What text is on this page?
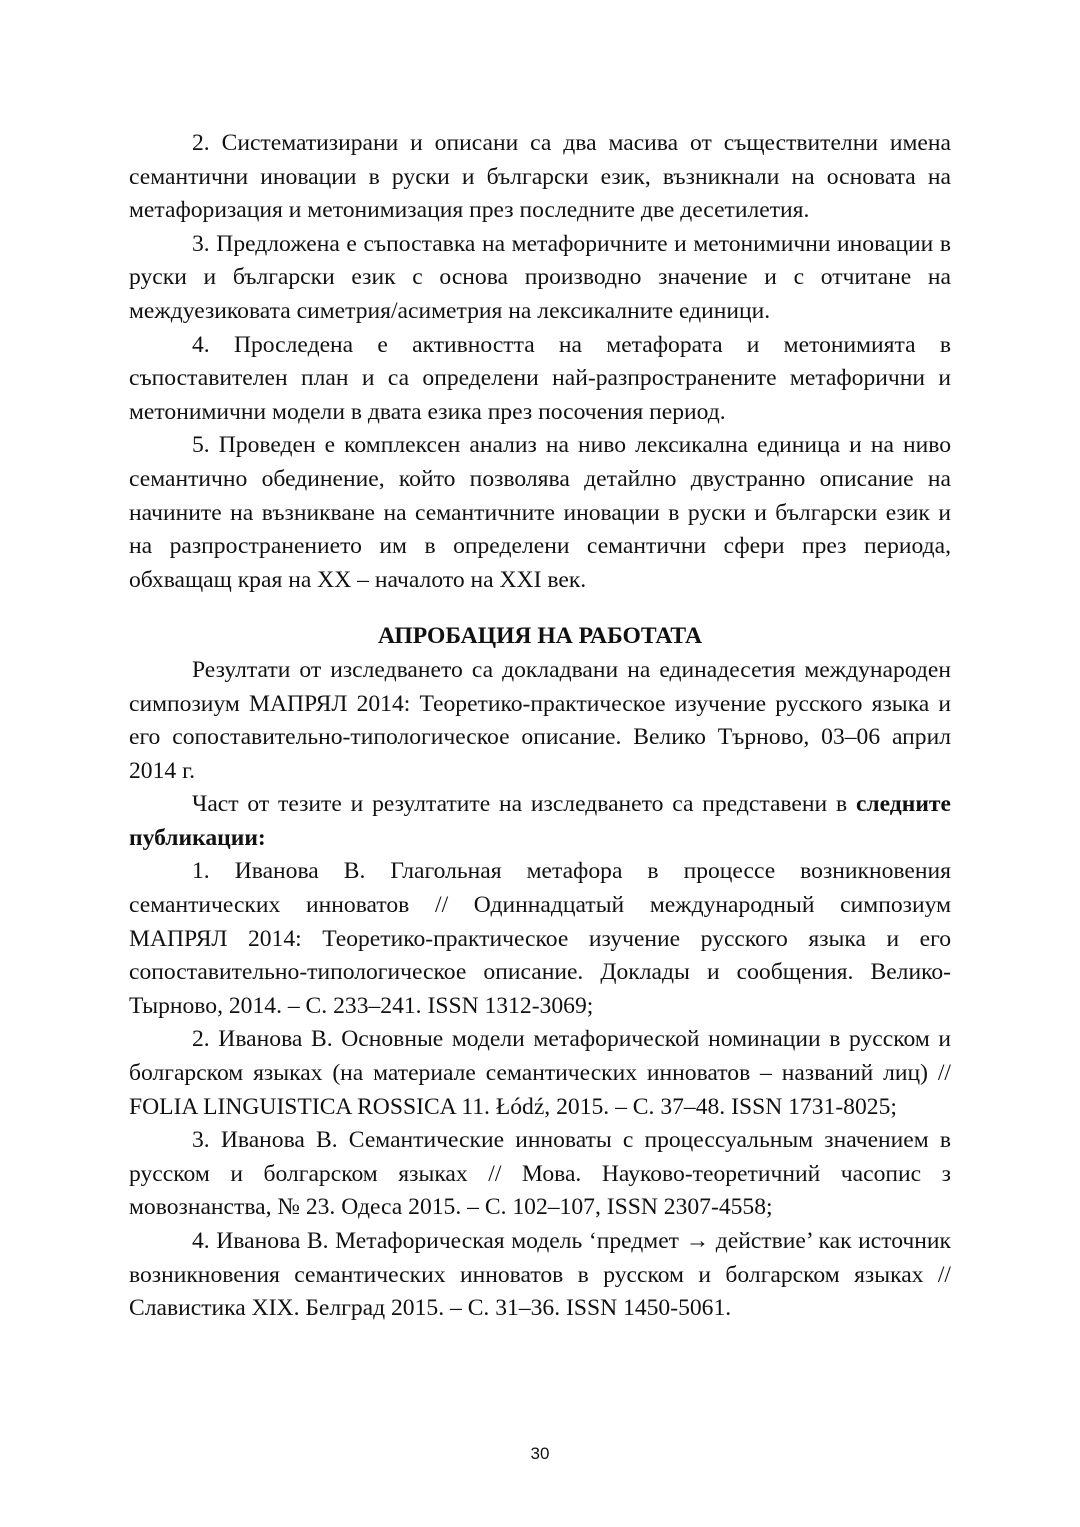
2. Систематизирани и описани са два масива от съществителни имена семантични иновации в руски и български език, възникнали на основата на метафоризация и метонимизация през последните две десетилетия.

3. Предложена е съпоставка на метафоричните и метонимични иновации в руски и български език с основа производно значение и с отчитане на междуезиковата симетрия/асиметрия на лексикалните единици.

4. Проследена е активността на метафората и метонимията в съпоставителен план и са определени най-разпространените метафорични и метонимични модели в двата езика през посочения период.

5. Проведен е комплексен анализ на ниво лексикална единица и на ниво семантично обединение, който позволява детайлно двустранно описание на начините на възникване на семантичните иновации в руски и български език и на разпространението им в определени семантични сфери през периода, обхващащ края на XX – началото на XXI век.

АПРОБАЦИЯ НА РАБОТАТА

Резултати от изследването са докладвани на единадесетия международен симпозиум МАПРЯЛ 2014: Теоретико-практическое изучение русского языка и его сопоставительно-типологическое описание. Велико Търново, 03–06 април 2014 г.

Част от тезите и резултатите на изследването са представени в следните публикации:

1. Иванова В. Глагольная метафора в процессе возникновения семантических инноватов // Одиннадцатый международный симпозиум МАПРЯЛ 2014: Теоретико-практическое изучение русского языка и его сопоставительно-типологическое описание. Доклады и сообщения. Велико-Тырново, 2014. – С. 233–241. ISSN 1312-3069;

2. Иванова В. Основные модели метафорической номинации в русском и болгарском языках (на материале семантических инноватов – названий лиц) // FOLIA LINGUISTICA ROSSICA 11. Łódź, 2015. – С. 37–48. ISSN 1731-8025;

3. Иванова В. Семантические инноваты с процессуальным значением в русском и болгарском языках // Мова. Науково-теоретичний часопис з мовознанства, № 23. Одеса 2015. – С. 102–107, ISSN 2307-4558;

4. Иванова В. Метафорическая модель ‘предмет → действие’ как источник возникновения семантических инноватов в русском и болгарском языках // Славистика XIX. Белград 2015. – С. 31–36. ISSN 1450-5061.

30
